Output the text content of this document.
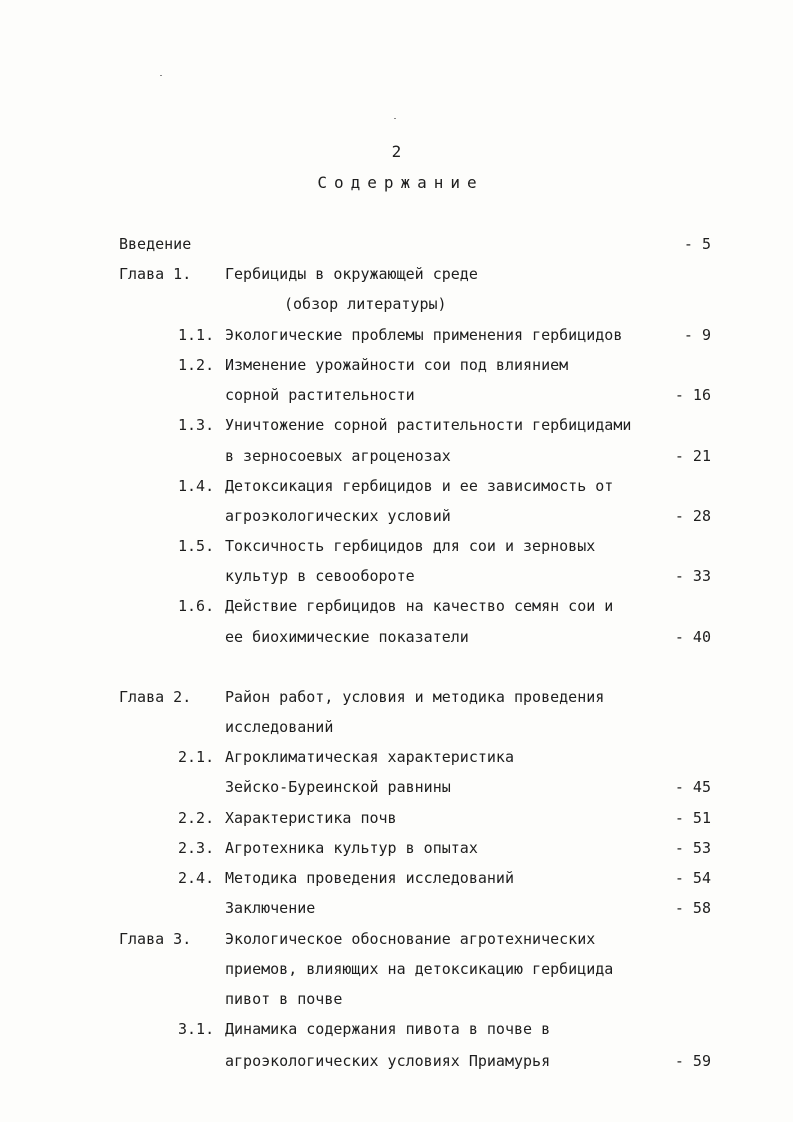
2
Содержание
Введение	- 5
Глава 1. Гербициды в окружающей среде
(обзор литературы)
1.1. Экологические проблемы применения гербицидов	- 9
1.2. Изменение урожайности сои под влиянием
сорной растительности	- 16
1.3. Уничтожение сорной растительности гербицидами
в зерносоевых агроценозах	- 21
1.4. Детоксикация гербицидов и ее зависимость от
агроэкологических условий	- 28
1.5. Токсичность гербицидов для сои и зерновых
культур в севообороте	- 33
1.6. Действие гербицидов на качество семян сои и
ее биохимические показатели	- 40
Глава 2. Район работ, условия и методика проведения
исследований
2.1. Агроклиматическая характеристика
Зейско-Буреинской равнины	- 45
2.2. Характеристика почв	- 51
2.3. Агротехника культур в опытах	- 53
2.4. Методика проведения исследований	- 54
Заключение	- 58
Глава 3. Экологическое обоснование агротехнических
приемов, влияющих на детоксикацию гербицида
пивот в почве
3.1. Динамика содержания пивота в почве в
агроэкологических условиях Приамурья	- 59
